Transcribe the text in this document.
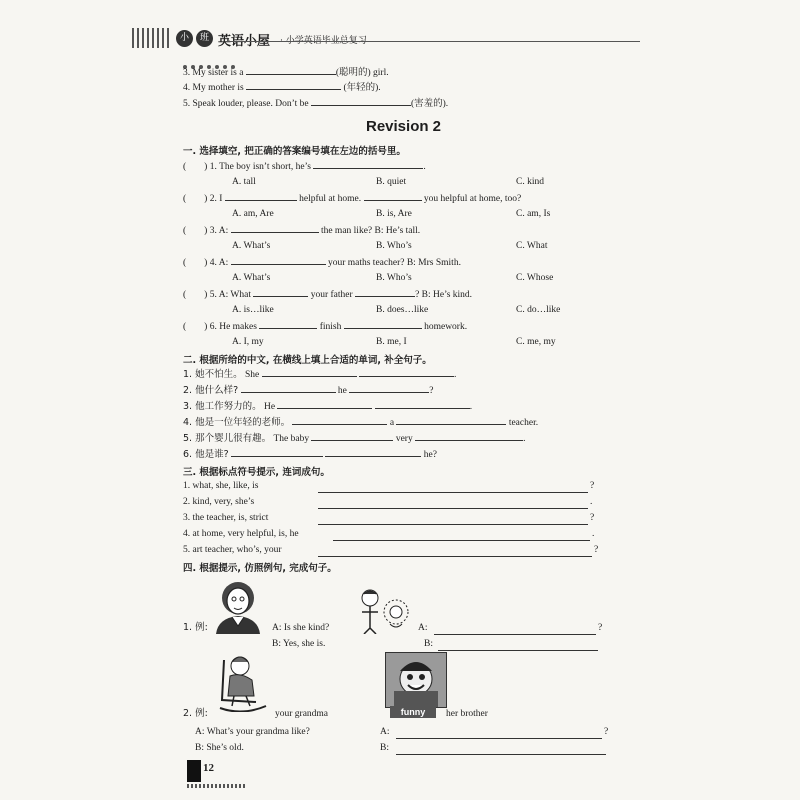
小	班 英语小屋 · 小学英语毕业总复习
3. My sister is a	(聪明的) girl.
4. My mother is	(年轻的).
5. Speak louder, please. Don’t be	(害羞的).
Revision 2
一. 选择填空, 把正确的答案编号填在左边的括号里。
( ) 1. The boy isn’t short, he’s	.
A. tall	B. quiet	C. kind
( ) 2. I	helpful at home.	you helpful at home, too?
A. am, Are	B. is, Are	C. am, Is
( ) 3. A:	the man like? B: He’s tall.
A. What’s	B. Who’s	C. What
( ) 4. A:	your maths teacher? B: Mrs Smith.
A. What’s	B. Who’s	C. Whose
( ) 5. A: What	your father	? B: He’s kind.
A. is…like	B. does…like	C. do…like
( ) 6. He makes	finish	homework.
A. I, my	B. me, I	C. me, my
二. 根据所给的中文, 在横线上填上合适的单词, 补全句子。
1. 她不怕生。 She	.
2. 他什么样?	he	?
3. 他工作努力的。 He	.
4. 他是一位年轻的老师。	a	teacher.
5. 那个婴儿很有趣。 The baby	very	.
6. 他是谁?	he?
三. 根据标点符号提示, 连词成句。
1. what, she, like, is	?
2. kind, very, she’s	.
3. the teacher, is, strict	?
4. at home, very helpful, is, he	.
5. art teacher, who’s, your	?
四. 根据提示, 仿照例句, 完成句子。
1. 例:	A: Is she kind?
B: Yes, she is.
A:	?
B:
funny
2. 例:	your grandma	her brother
A: What’s your grandma like?
B: She’s old.
A:	?
B:
12
